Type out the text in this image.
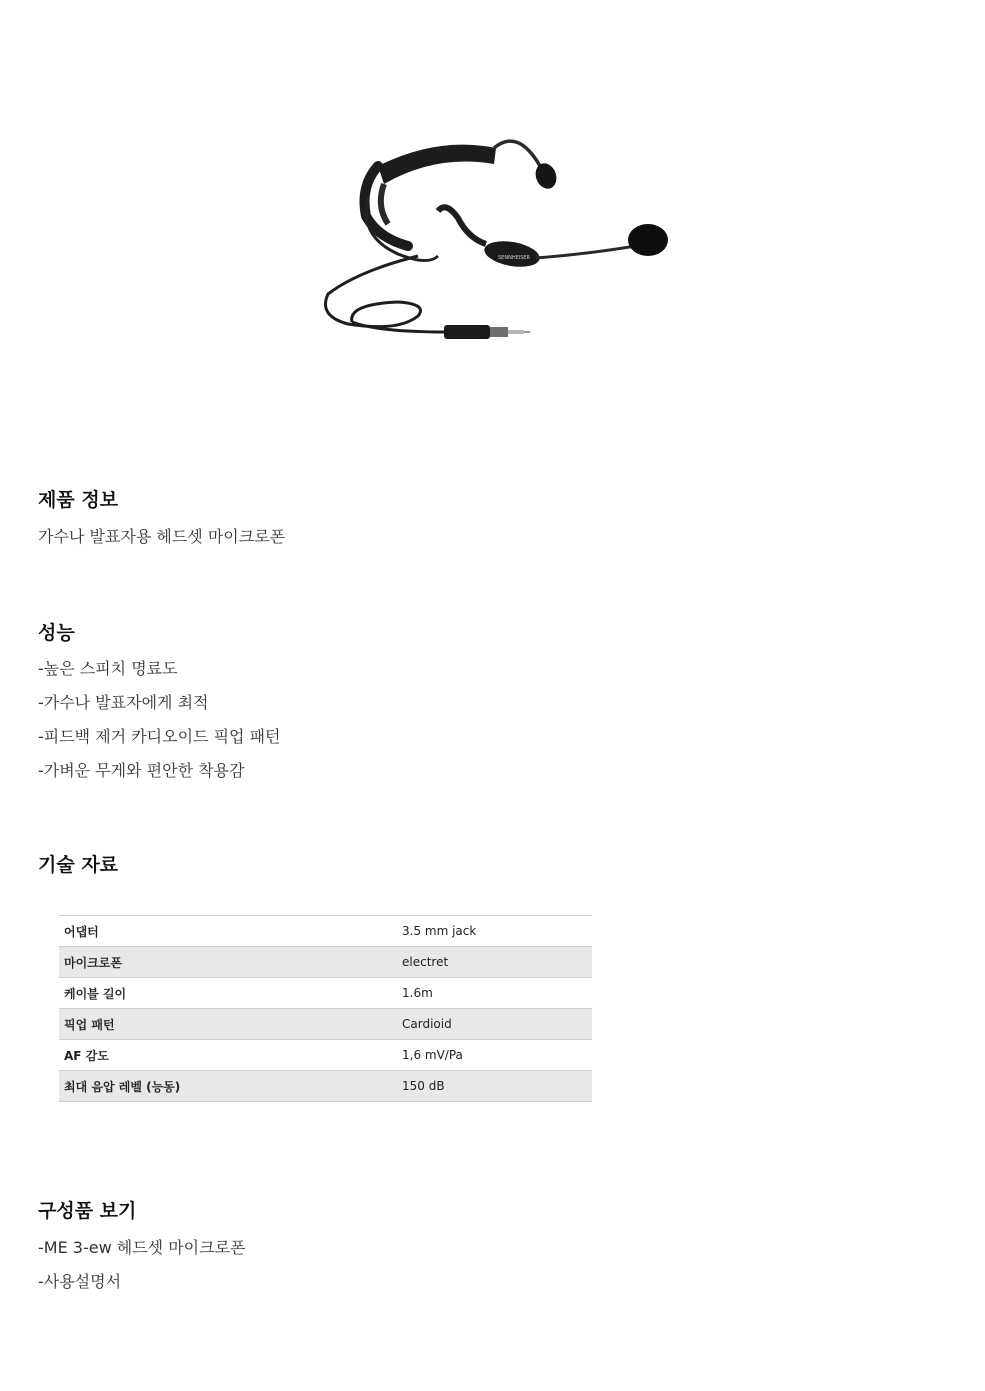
SENNHEISER
제품 정보

가수나 발표자용 헤드셋 마이크로폰

성능

-높은 스피치 명료도

-가수나 발표자에게 최적

-피드백 제거 카디오이드 픽업 패턴

-가벼운 무게와 편안한 착용감

기술 자료
어댑터	3.5 mm jack
마이크로폰	electret
케이블 길이	1.6m
픽업 패턴	Cardioid
AF 감도	1,6 mV/Pa
최대 음압 레벨 (능동)	150 dB
구성품 보기

-ME 3-ew 헤드셋 마이크로폰

-사용설명서
